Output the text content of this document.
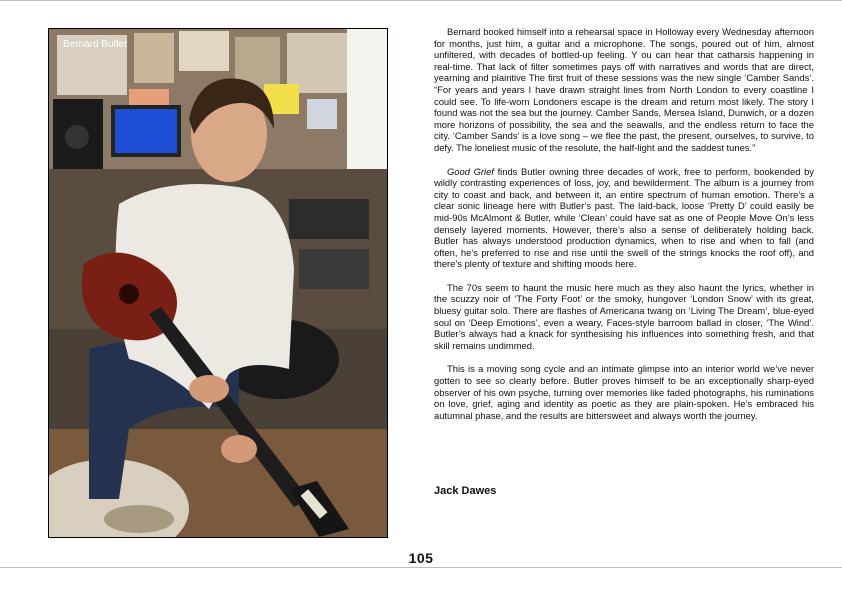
Bernard Butler

Bernard booked himself into a rehearsal space in Holloway every Wednesday afternoon for months, just him, a guitar and a microphone. The songs, poured out of him, almost unfiltered, with decades of bottled-up feeling. Y ou can hear that catharsis happening in real-time. That lack of filter sometimes pays off with narratives and words that are direct, yearning and plaintive The first fruit of these sessions was the new single ‘Camber Sands’. “For years and years I have drawn straight lines from North London to every coastline I could see. To life-worn Londoners escape is the dream and return most likely. The story I found was not the sea but the journey. Camber Sands, Mersea Island, Dunwich, or a dozen more horizons of possibility, the sea and the seawalls, and the endless return to face the city. ‘Camber Sands’ is a love song – we flee the past, the present, ourselves, to survive, to defy. The loneliest music of the resolute, the half-light and the saddest tunes.”

Good Grief finds Butler owning three decades of work, free to perform, bookended by wildly contrasting experiences of loss, joy, and bewilderment. The album is a journey from city to coast and back, and between it, an entire spectrum of human emotion. There’s a clear sonic lineage here with Butler’s past. The laid-back, loose ‘Pretty D’ could easily be mid-90s McAlmont & Butler, while ‘Clean’ could have sat as one of People Move On’s less densely layered moments. However, there’s also a sense of deliberately holding back. Butler has always understood production dynamics, when to rise and when to fall (and often, he’s preferred to rise and rise until the swell of the strings knocks the roof off), and there’s plenty of texture and shifting moods here.

The 70s seem to haunt the music here much as they also haunt the lyrics, whether in the scuzzy noir of ‘The Forty Foot’ or the smoky, hungover ‘London Snow’ with its great, bluesy guitar solo. There are flashes of Americana twang on ‘Living The Dream’, blue-eyed soul on ‘Deep Emotions’, even a weary, Faces-style barroom ballad in closer, ‘The Wind’. Butler’s always had a knack for synthesising his influences into something fresh, and that skill remains undimmed.

This is a moving song cycle and an intimate glimpse into an interior world we’ve never gotten to see so clearly before. Butler proves himself to be an exceptionally sharp-eyed observer of his own psyche, turning over memories like faded photographs, his ruminations on love, grief, aging and identity as poetic as they are plain-spoken. He’s embraced his autumnal phase, and the results are bittersweet and always worth the journey.

Jack Dawes
105
